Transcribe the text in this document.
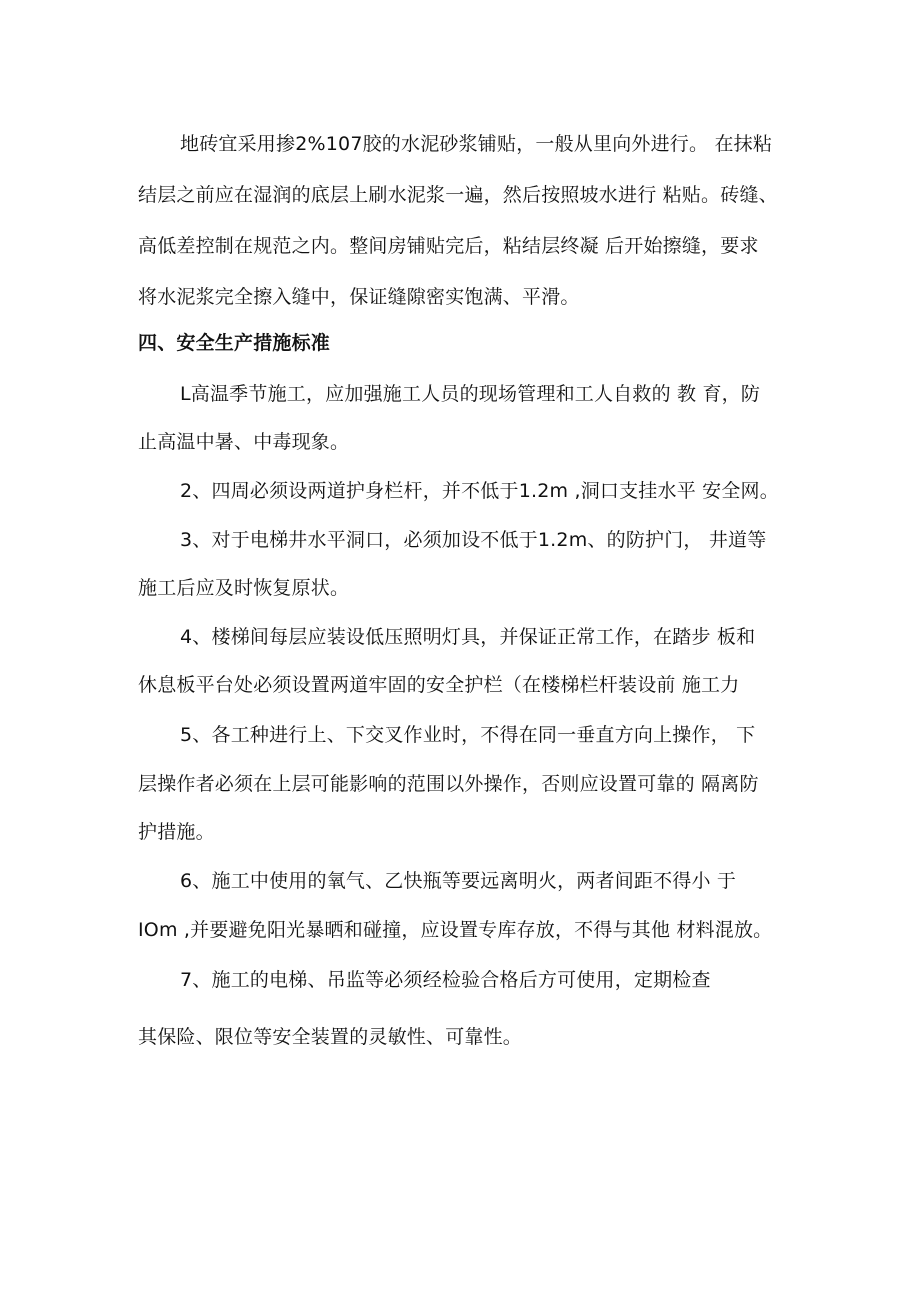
地砖宜采用掺2%107胶的水泥砂浆铺贴，一般从里向外进行。 在抹粘
结层之前应在湿润的底层上刷水泥浆一遍，然后按照坡水进行 粘贴。砖缝、
高低差控制在规范之内。整间房铺贴完后，粘结层终凝 后开始擦缝，要求
将水泥浆完全擦入缝中，保证缝隙密实饱满、平滑。
四、安全生产措施标准
L高温季节施工，应加强施工人员的现场管理和工人自救的 教 育，防
止高温中暑、中毒现象。
2、四周必须设两道护身栏杆，并不低于1.2m ,洞口支挂水平 安全网。
3、对于电梯井水平洞口，必须加设不低于1.2m、的防护门， 井道等
施工后应及时恢复原状。
4、楼梯间每层应装设低压照明灯具，并保证正常工作，在踏步 板和
休息板平台处必须设置两道牢固的安全护栏（在楼梯栏杆装设前 施工力
5、各工种进行上、下交叉作业时，不得在同一垂直方向上操作， 下
层操作者必须在上层可能影响的范围以外操作，否则应设置可靠的 隔离防
护措施。
6、施工中使用的氧气、乙快瓶等要远离明火，两者间距不得小 于
IOm ,并要避免阳光暴晒和碰撞，应设置专库存放，不得与其他 材料混放。
7、施工的电梯、吊监等必须经检验合格后方可使用，定期检查
其保险、限位等安全装置的灵敏性、可靠性。
